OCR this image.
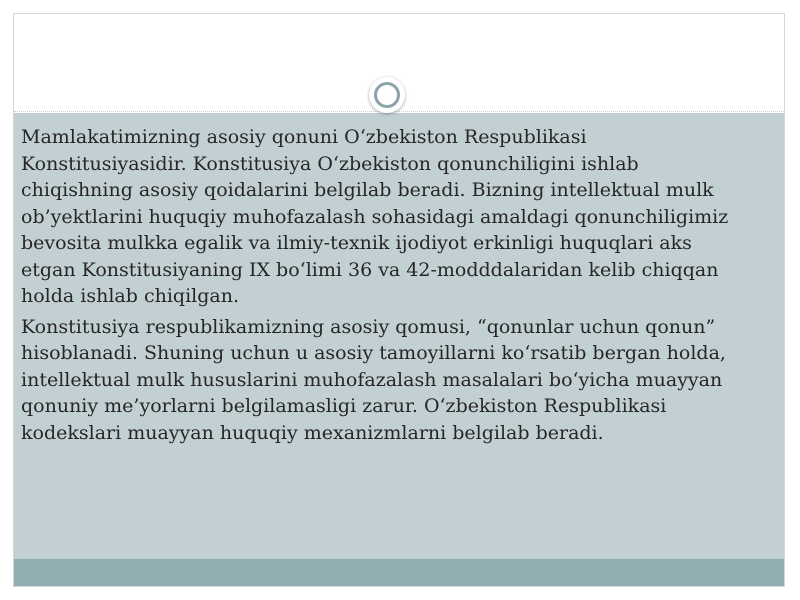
Mamlakatimizning asosiy qonuni O‘zbekiston Respublikasi Konstitusiyasidir. Konstitusiya O‘zbekiston qonunchiligini ishlab chiqishning asosiy qoidalarini belgilab beradi. Bizning intellektual mulk ob’yektlarini huquqiy muhofazalash sohasidagi amaldagi qonunchiligimiz bevosita mulkka egalik va ilmiy-texnik ijodiyot erkinligi huquqlari aks etgan Konstitusiyaning IX bo‘limi 36 va 42-modddalaridan kelib chiqqan holda ishlab chiqilgan.

Konstitusiya respublikamizning asosiy qomusi, “qonunlar uchun qonun” hisoblanadi. Shuning uchun u asosiy tamoyillarni ko‘rsatib bergan holda, intellektual mulk hususlarini muhofazalash masalalari bo‘yicha muayyan qonuniy me’yorlarni belgilamasligi zarur. O‘zbekiston Respublikasi kodekslari muayyan huquqiy mexanizmlarni belgilab beradi.
